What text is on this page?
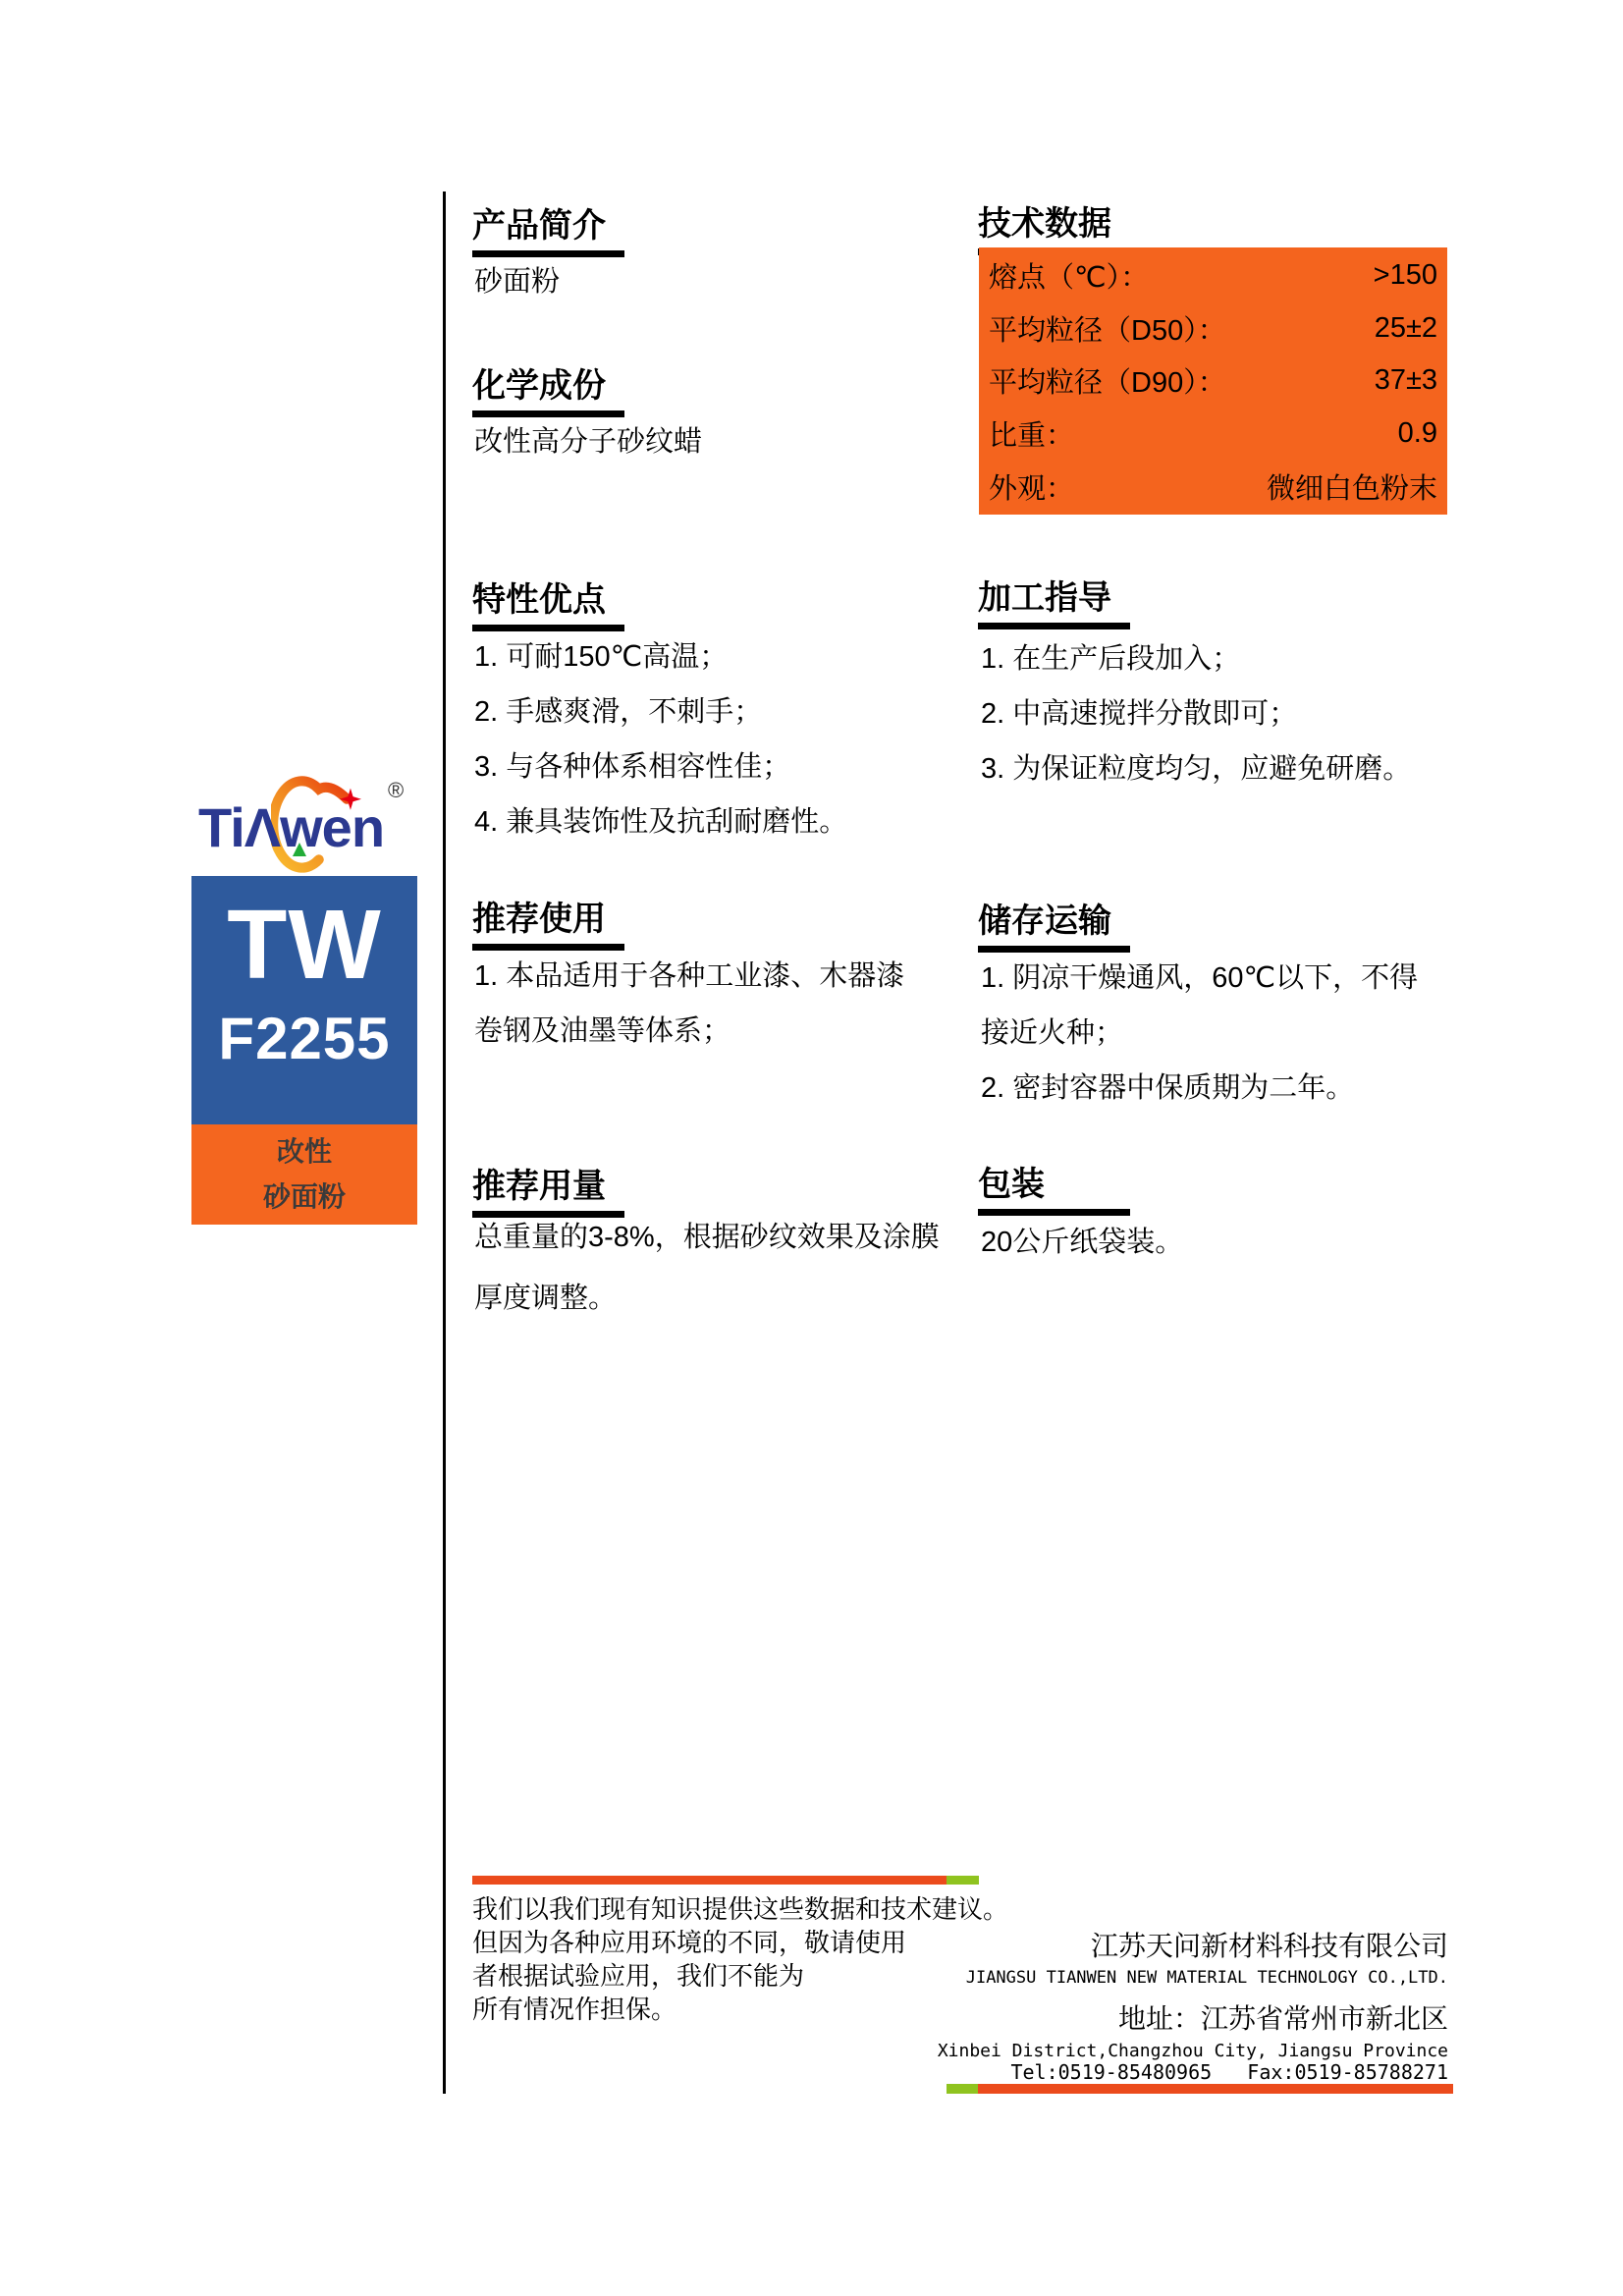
TiΛwen
®
TW
F2255
改性
砂面粉
产品简介
砂面粉
化学成份
改性高分子砂纹蜡
特性优点
1. 可耐150℃高温；
2. 手感爽滑，不刺手；
3. 与各种体系相容性佳；
4. 兼具装饰性及抗刮耐磨性。
推荐使用
1. 本品适用于各种工业漆、木器漆
卷钢及油墨等体系；
推荐用量
总重量的3-8%，根据砂纹效果及涂膜
厚度调整。
技术数据
熔点（℃）：	>150
平均粒径（D50）：	25±2
平均粒径（D90）：	37±3
比重：	0.9
外观：	微细白色粉末
加工指导
1. 在生产后段加入；
2. 中高速搅拌分散即可；
3. 为保证粒度均匀，应避免研磨。
储存运输
1. 阴凉干燥通风，60℃以下，不得
接近火种；
2. 密封容器中保质期为二年。
包装
20公斤纸袋装。
我们以我们现有知识提供这些数据和技术建议。
但因为各种应用环境的不同，敬请使用
者根据试验应用，我们不能为
所有情况作担保。
江苏天问新材料科技有限公司
JIANGSU TIANWEN NEW MATERIAL TECHNOLOGY CO.,LTD.
地址：江苏省常州市新北区
Xinbei District,Changzhou City, Jiangsu Province
Tel:0519-85480965   Fax:0519-85788271
